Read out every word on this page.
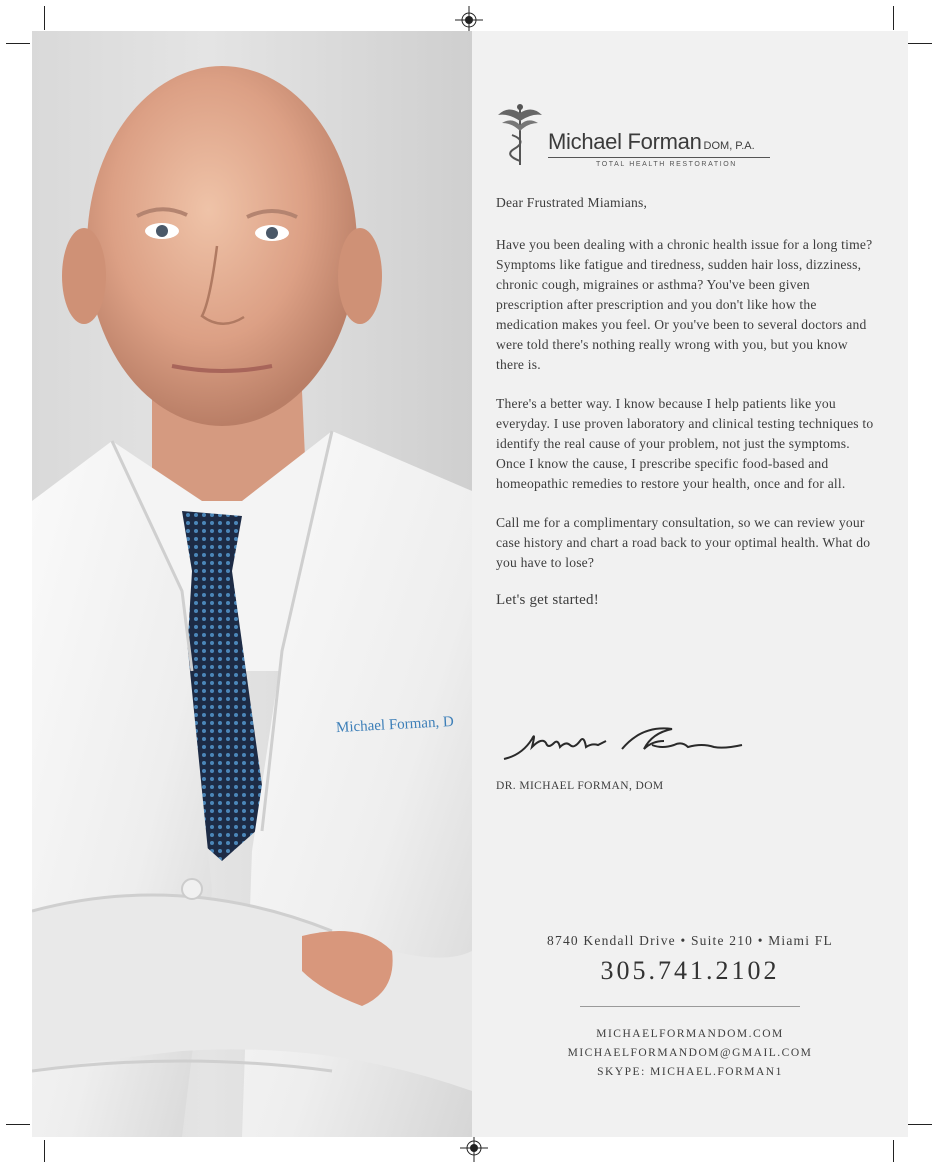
Michael Forman, D
Michael Forman DOM, P.A.
TOTAL HEALTH RESTORATION

Dear Frustrated Miamians,

Have you been dealing with a chronic health issue for a long time? Symptoms like fatigue and tiredness, sudden hair loss, dizziness, chronic cough, migraines or asthma? You've been given prescription after prescription and you don't like how the medication makes you feel. Or you've been to several doctors and were told there's nothing really wrong with you, but you know there is.

There's a better way. I know because I help patients like you everyday. I use proven laboratory and clinical testing techniques to identify the real cause of your problem, not just the symptoms. Once I know the cause, I prescribe specific food-based and homeopathic remedies to restore your health, once and for all.

Call me for a complimentary consultation, so we can review your case history and chart a road back to your optimal health. What do you have to lose?

Let's get started!

DR. MICHAEL FORMAN, DOM
8740 Kendall Drive • Suite 210 • Miami FL
305.741.2102
MICHAELFORMANDOM.COM
MICHAELFORMANDOM@GMAIL.COM
SKYPE: MICHAEL.FORMAN1
